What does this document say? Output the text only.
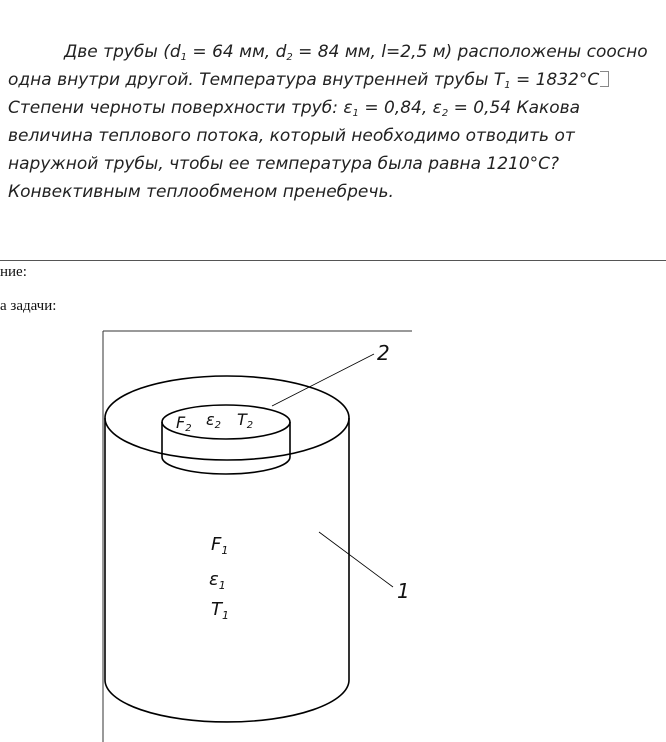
Две трубы ($d_1 = 64$ мм, $d_2 = 84$ мм, l=2,5 м) расположены соосно
одна внутри другой. Температура внутренней трубы $T_1 = 1832^\circ C$
Степени черноты поверхности труб: $\varepsilon_1 = 0,84$, $\varepsilon_2 = 0,54$ Какова
величина теплового потока, который необходимо отводить от
наружной трубы, чтобы ее температура была равна 1210°С?
Конвективным теплообменом пренебречь.
ние:
а задачи:
F2 ε2 T2
$F_1$
$\varepsilon_1$
$T_1$
2
1
